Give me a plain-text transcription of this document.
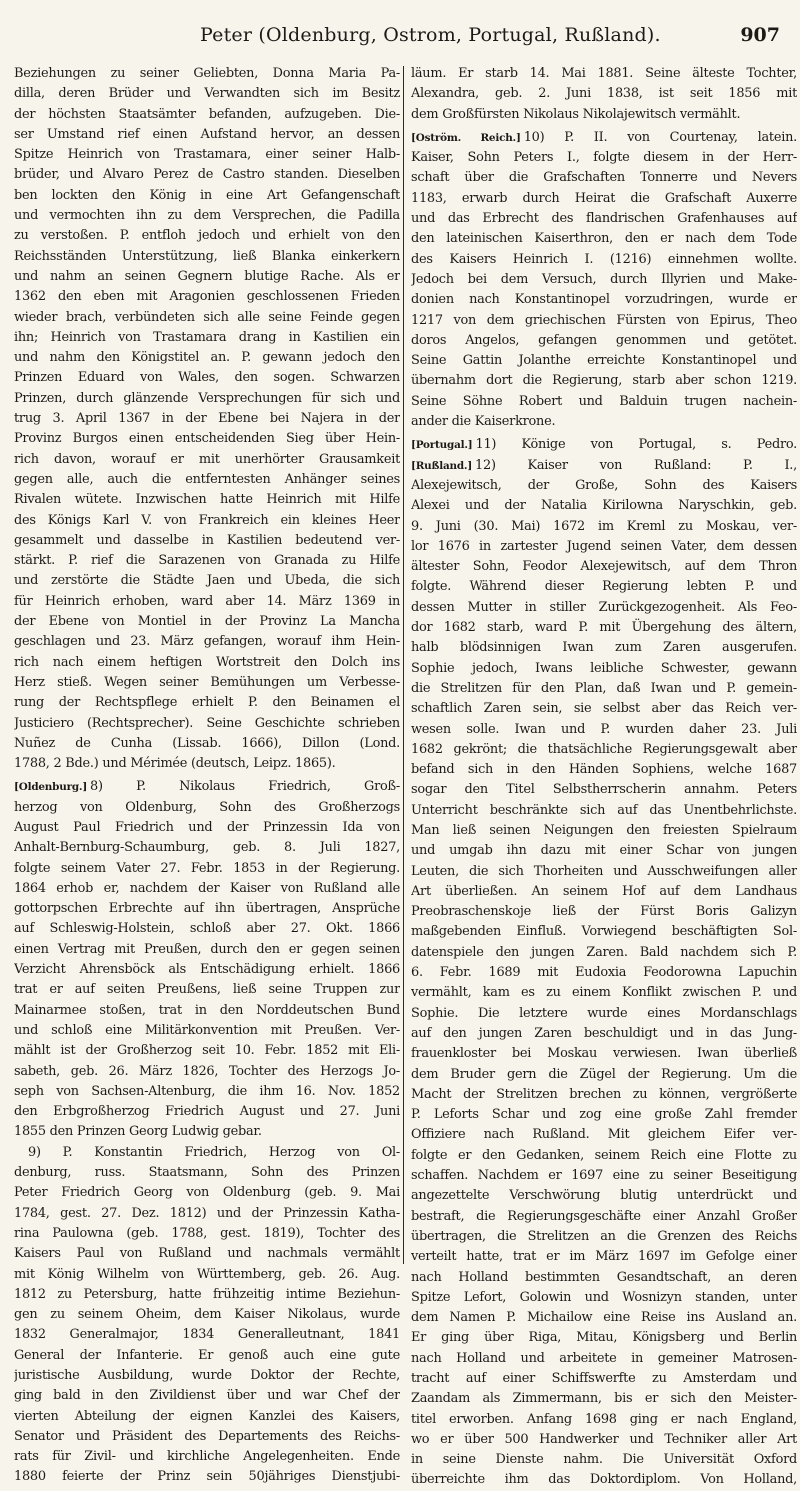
Peter (Oldenburg, Ostrom, Portugal, Rußland).	907
Beziehungen zu seiner Geliebten, Donna Maria Pa-
dilla, deren Brüder und Verwandten sich im Besitz
der höchsten Staatsämter befanden, aufzugeben. Die-
ser Umstand rief einen Aufstand hervor, an dessen
Spitze Heinrich von Trastamara, einer seiner Halb-
brüder, und Alvaro Perez de Castro standen. Dieselben
ben lockten den König in eine Art Gefangenschaft
und vermochten ihn zu dem Versprechen, die Padilla
zu verstoßen. P. entfloh jedoch und erhielt von den
Reichsständen Unterstützung, ließ Blanka einkerkern
und nahm an seinen Gegnern blutige Rache. Als er
1362 den eben mit Aragonien geschlossenen Frieden
wieder brach, verbündeten sich alle seine Feinde gegen
ihn; Heinrich von Trastamara drang in Kastilien ein
und nahm den Königstitel an. P. gewann jedoch den
Prinzen Eduard von Wales, den sogen. Schwarzen
Prinzen, durch glänzende Versprechungen für sich und
trug 3. April 1367 in der Ebene bei Najera in der
Provinz Burgos einen entscheidenden Sieg über Hein-
rich davon, worauf er mit unerhörter Grausamkeit
gegen alle, auch die entferntesten Anhänger seines
Rivalen wütete. Inzwischen hatte Heinrich mit Hilfe
des Königs Karl V. von Frankreich ein kleines Heer
gesammelt und dasselbe in Kastilien bedeutend ver-
stärkt. P. rief die Sarazenen von Granada zu Hilfe
und zerstörte die Städte Jaen und Ubeda, die sich
für Heinrich erhoben, ward aber 14. März 1369 in
der Ebene von Montiel in der Provinz La Mancha
geschlagen und 23. März gefangen, worauf ihm Hein-
rich nach einem heftigen Wortstreit den Dolch ins
Herz stieß. Wegen seiner Bemühungen um Verbesse-
rung der Rechtspflege erhielt P. den Beinamen el
Justiciero (Rechtsprecher). Seine Geschichte schrieben
Nuñez de Cunha (Lissab. 1666), Dillon (Lond.
1788, 2 Bde.) und Mérimée (deutsch, Leipz. 1865).
[Oldenburg.] 8) P. Nikolaus Friedrich, Groß-
herzog von Oldenburg, Sohn des Großherzogs
August Paul Friedrich und der Prinzessin Ida von
Anhalt-Bernburg-Schaumburg, geb. 8. Juli 1827,
folgte seinem Vater 27. Febr. 1853 in der Regierung.
1864 erhob er, nachdem der Kaiser von Rußland alle
gottorpschen Erbrechte auf ihn übertragen, Ansprüche
auf Schleswig-Holstein, schloß aber 27. Okt. 1866
einen Vertrag mit Preußen, durch den er gegen seinen
Verzicht Ahrensböck als Entschädigung erhielt. 1866
trat er auf seiten Preußens, ließ seine Truppen zur
Mainarmee stoßen, trat in den Norddeutschen Bund
und schloß eine Militärkonvention mit Preußen. Ver-
mählt ist der Großherzog seit 10. Febr. 1852 mit Eli-
sabeth, geb. 26. März 1826, Tochter des Herzogs Jo-
seph von Sachsen-Altenburg, die ihm 16. Nov. 1852
den Erbgroßherzog Friedrich August und 27. Juni
1855 den Prinzen Georg Ludwig gebar.
9) P. Konstantin Friedrich, Herzog von Ol-
denburg, russ. Staatsmann, Sohn des Prinzen
Peter Friedrich Georg von Oldenburg (geb. 9. Mai
1784, gest. 27. Dez. 1812) und der Prinzessin Katha-
rina Paulowna (geb. 1788, gest. 1819), Tochter des
Kaisers Paul von Rußland und nachmals vermählt
mit König Wilhelm von Württemberg, geb. 26. Aug.
1812 zu Petersburg, hatte frühzeitig intime Beziehun-
gen zu seinem Oheim, dem Kaiser Nikolaus, wurde
1832 Generalmajor, 1834 Generalleutnant, 1841
General der Infanterie. Er genoß auch eine gute
juristische Ausbildung, wurde Doktor der Rechte,
ging bald in den Zivildienst über und war Chef der
vierten Abteilung der eignen Kanzlei des Kaisers,
Senator und Präsident des Departements des Reichs-
rats für Zivil- und kirchliche Angelegenheiten. Ende
1880 feierte der Prinz sein 50jähriges Dienstjubi-
läum. Er starb 14. Mai 1881. Seine älteste Tochter,
Alexandra, geb. 2. Juni 1838, ist seit 1856 mit
dem Großfürsten Nikolaus Nikolajewitsch vermählt.
[Oström. Reich.] 10) P. II. von Courtenay, latein.
Kaiser, Sohn Peters I., folgte diesem in der Herr-
schaft über die Grafschaften Tonnerre und Nevers
1183, erwarb durch Heirat die Grafschaft Auxerre
und das Erbrecht des flandrischen Grafenhauses auf
den lateinischen Kaiserthron, den er nach dem Tode
des Kaisers Heinrich I. (1216) einnehmen wollte.
Jedoch bei dem Versuch, durch Illyrien und Make-
donien nach Konstantinopel vorzudringen, wurde er
1217 von dem griechischen Fürsten von Epirus, Theo
doros Angelos, gefangen genommen und getötet.
Seine Gattin Jolanthe erreichte Konstantinopel und
übernahm dort die Regierung, starb aber schon 1219.
Seine Söhne Robert und Balduin trugen nachein-
ander die Kaiserkrone.
[Portugal.] 11) Könige von Portugal, s. Pedro.
[Rußland.] 12) Kaiser von Rußland: P. I.,
Alexejewitsch, der Große, Sohn des Kaisers
Alexei und der Natalia Kirilowna Naryschkin, geb.
9. Juni (30. Mai) 1672 im Kreml zu Moskau, ver-
lor 1676 in zartester Jugend seinen Vater, dem dessen
ältester Sohn, Feodor Alexejewitsch, auf dem Thron
folgte. Während dieser Regierung lebten P. und
dessen Mutter in stiller Zurückgezogenheit. Als Feo-
dor 1682 starb, ward P. mit Übergehung des ältern,
halb blödsinnigen Iwan zum Zaren ausgerufen.
Sophie jedoch, Iwans leibliche Schwester, gewann
die Strelitzen für den Plan, daß Iwan und P. gemein-
schaftlich Zaren sein, sie selbst aber das Reich ver-
wesen solle. Iwan und P. wurden daher 23. Juli
1682 gekrönt; die thatsächliche Regierungsgewalt aber
befand sich in den Händen Sophiens, welche 1687
sogar den Titel Selbstherrscherin annahm. Peters
Unterricht beschränkte sich auf das Unentbehrlichste.
Man ließ seinen Neigungen den freiesten Spielraum
und umgab ihn dazu mit einer Schar von jungen
Leuten, die sich Thorheiten und Ausschweifungen aller
Art überließen. An seinem Hof auf dem Landhaus
Preobraschenskoje ließ der Fürst Boris Galizyn
maßgebenden Einfluß. Vorwiegend beschäftigten Sol-
datenspiele den jungen Zaren. Bald nachdem sich P.
6. Febr. 1689 mit Eudoxia Feodorowna Lapuchin
vermählt, kam es zu einem Konflikt zwischen P. und
Sophie. Die letztere wurde eines Mordanschlags
auf den jungen Zaren beschuldigt und in das Jung-
frauenkloster bei Moskau verwiesen. Iwan überließ
dem Bruder gern die Zügel der Regierung. Um die
Macht der Strelitzen brechen zu können, vergrößerte
P. Leforts Schar und zog eine große Zahl fremder
Offiziere nach Rußland. Mit gleichem Eifer ver-
folgte er den Gedanken, seinem Reich eine Flotte zu
schaffen. Nachdem er 1697 eine zu seiner Beseitigung
angezettelte Verschwörung blutig unterdrückt und
bestraft, die Regierungsgeschäfte einer Anzahl Großer
übertragen, die Strelitzen an die Grenzen des Reichs
verteilt hatte, trat er im März 1697 im Gefolge einer
nach Holland bestimmten Gesandtschaft, an deren
Spitze Lefort, Golowin und Wosnizyn standen, unter
dem Namen P. Michailow eine Reise ins Ausland an.
Er ging über Riga, Mitau, Königsberg und Berlin
nach Holland und arbeitete in gemeiner Matrosen-
tracht auf einer Schiffswerfte zu Amsterdam und
Zaandam als Zimmermann, bis er sich den Meister-
titel erworben. Anfang 1698 ging er nach England,
wo er über 500 Handwerker und Techniker aller Art
in seine Dienste nahm. Die Universität Oxford
überreichte ihm das Doktordiplom. Von Holland,
